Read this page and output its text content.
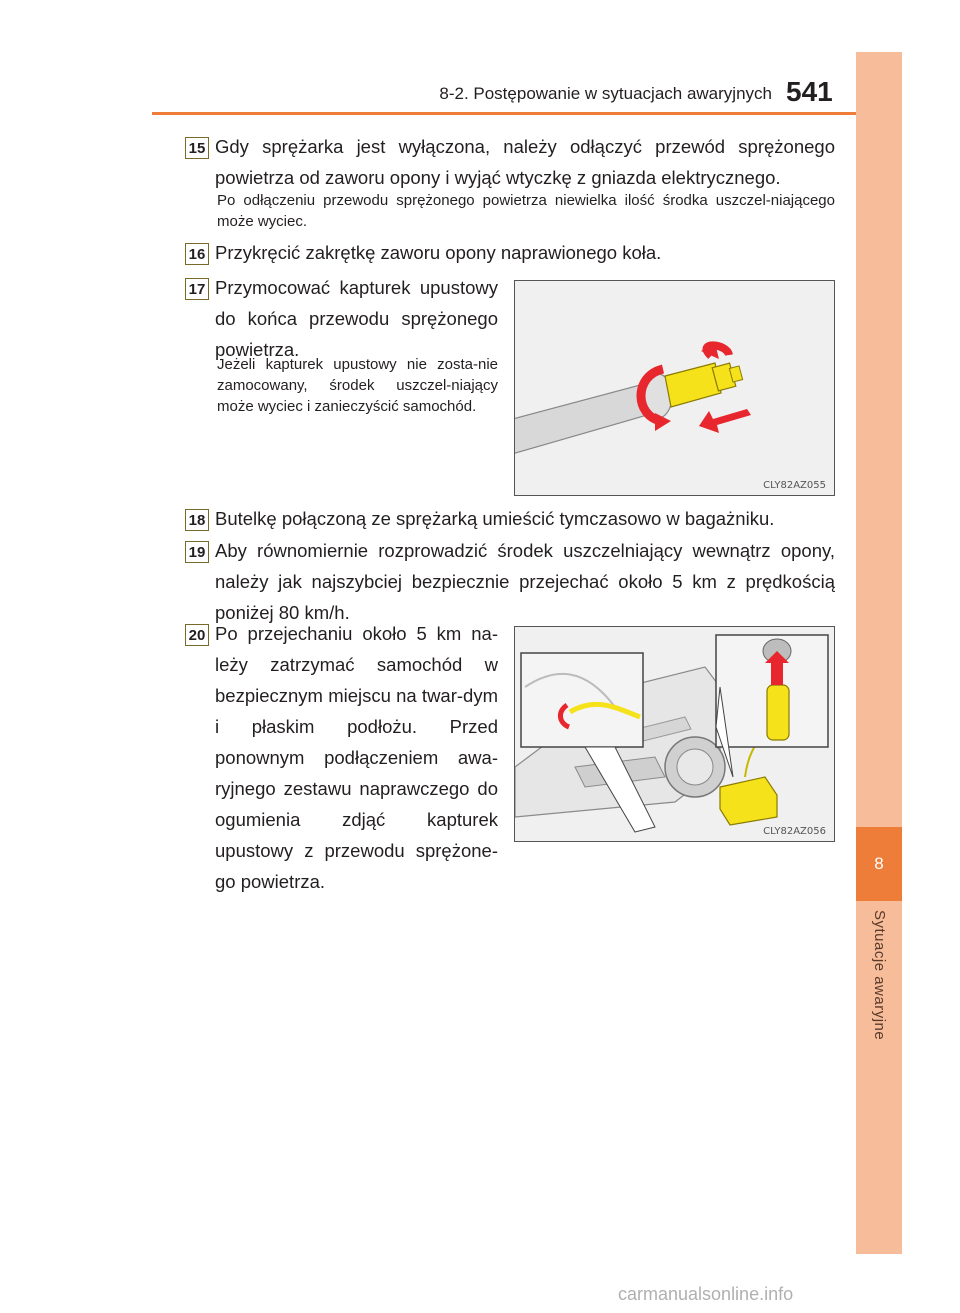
8
Sytuacje awaryjne
8-2. Postępowanie w sytuacjach awaryjnych 541
15 Gdy sprężarka jest wyłączona, należy odłączyć przewód sprężonego powietrza od zaworu opony i wyjąć wtyczkę z gniazda elektrycznego.
Po odłączeniu przewodu sprężonego powietrza niewielka ilość środka uszczel-niającego może wyciec.
16 Przykręcić zakrętkę zaworu opony naprawionego koła.
17 Przymocować kapturek upustowy do końca przewodu sprężonego powietrza.
Jeżeli kapturek upustowy nie zosta-nie zamocowany, środek uszczel-niający może wyciec i zanieczyścić samochód.
CLY82AZ055
18 Butelkę połączoną ze sprężarką umieścić tymczasowo w bagażniku.
19 Aby równomiernie rozprowadzić środek uszczelniający wewnątrz opony, należy jak najszybciej bezpiecznie przejechać około 5 km z prędkością poniżej 80 km/h.
20 Po przejechaniu około 5 km na-leży zatrzymać samochód w bezpiecznym miejscu na twar-dym i płaskim podłożu. Przed ponownym podłączeniem awa-ryjnego zestawu naprawczego do ogumienia zdjąć kapturek upustowy z przewodu sprężone-go powietrza.
CLY82AZ056
carmanualsonline.info
